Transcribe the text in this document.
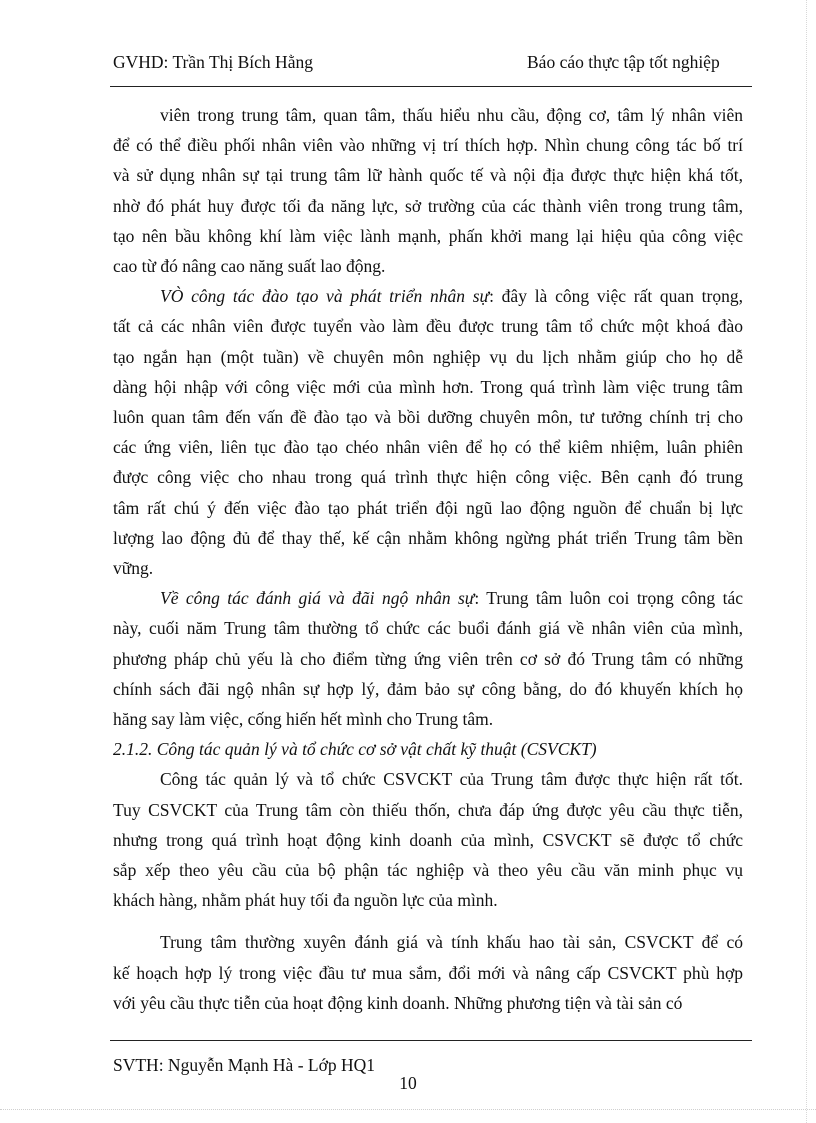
GVHD: Trần Thị Bích Hằng	Báo cáo thực tập tốt nghiệp

viên trong trung tâm, quan tâm, thấu hiểu nhu cầu, động cơ, tâm lý nhân viên

để có thể điều phối nhân viên vào những vị trí thích hợp. Nhìn chung công tác bố trí

và sử dụng nhân sự tại trung tâm lữ hành quốc tế và nội địa được thực hiện khá tốt,

nhờ đó phát huy được tối đa năng lực, sở trường của các thành viên trong trung tâm,

tạo nên bầu không khí làm việc lành mạnh, phấn khởi mang lại hiệu qủa công việc

cao từ đó nâng cao năng suất lao động.

VÒ công tác đào tạo và phát triển nhân sự: đây là công việc rất quan trọng,

tất cả các nhân viên được tuyển vào làm đều được trung tâm tổ chức một khoá đào

tạo ngắn hạn (một tuần) về chuyên môn nghiệp vụ du lịch nhằm giúp cho họ dễ

dàng hội nhập với công việc mới của mình hơn. Trong quá trình làm việc trung tâm

luôn quan tâm đến vấn đề đào tạo và bồi dưỡng chuyên môn, tư tưởng chính trị cho

các ứng viên, liên tục đào tạo chéo nhân viên để họ có thể kiêm nhiệm, luân phiên

được công việc cho nhau trong quá trình thực hiện công việc. Bên cạnh đó trung

tâm rất chú ý đến việc đào tạo phát triển đội ngũ lao động nguồn để chuẩn bị lực

lượng lao động đủ để thay thế, kế cận nhằm không ngừng phát triển Trung tâm bền

vững.

Về công tác đánh giá và đãi ngộ nhân sự: Trung tâm luôn coi trọng công tác

này, cuối năm Trung tâm thường tổ chức các buổi đánh giá về nhân viên của mình,

phương pháp chủ yếu là cho điểm từng ứng viên trên cơ sở đó Trung tâm có những

chính sách đãi ngộ nhân sự hợp lý, đảm bảo sự công bằng, do đó khuyến khích họ

hăng say làm việc, cống hiến hết mình cho Trung tâm.

2.1.2. Công tác quản lý và tổ chức cơ sở vật chất kỹ thuật (CSVCKT)

Công tác quản lý và tổ chức CSVCKT của Trung tâm được thực hiện rất tốt.

Tuy CSVCKT của Trung tâm còn thiếu thốn, chưa đáp ứng được yêu cầu thực tiễn,

nhưng trong quá trình hoạt động kinh doanh của mình, CSVCKT sẽ được tổ chức

sắp xếp theo yêu cầu của bộ phận tác nghiệp và theo yêu cầu văn minh phục vụ

khách hàng, nhằm phát huy tối đa nguồn lực của mình.

Trung tâm thường xuyên đánh giá và tính khấu hao tài sản, CSVCKT để có

kế hoạch hợp lý trong việc đầu tư mua sắm, đổi mới và nâng cấp CSVCKT phù hợp

với yêu cầu thực tiễn của hoạt động kinh doanh. Những phương tiện và tài sản có

SVTH: Nguyễn Mạnh Hà - Lớp HQ1
10
